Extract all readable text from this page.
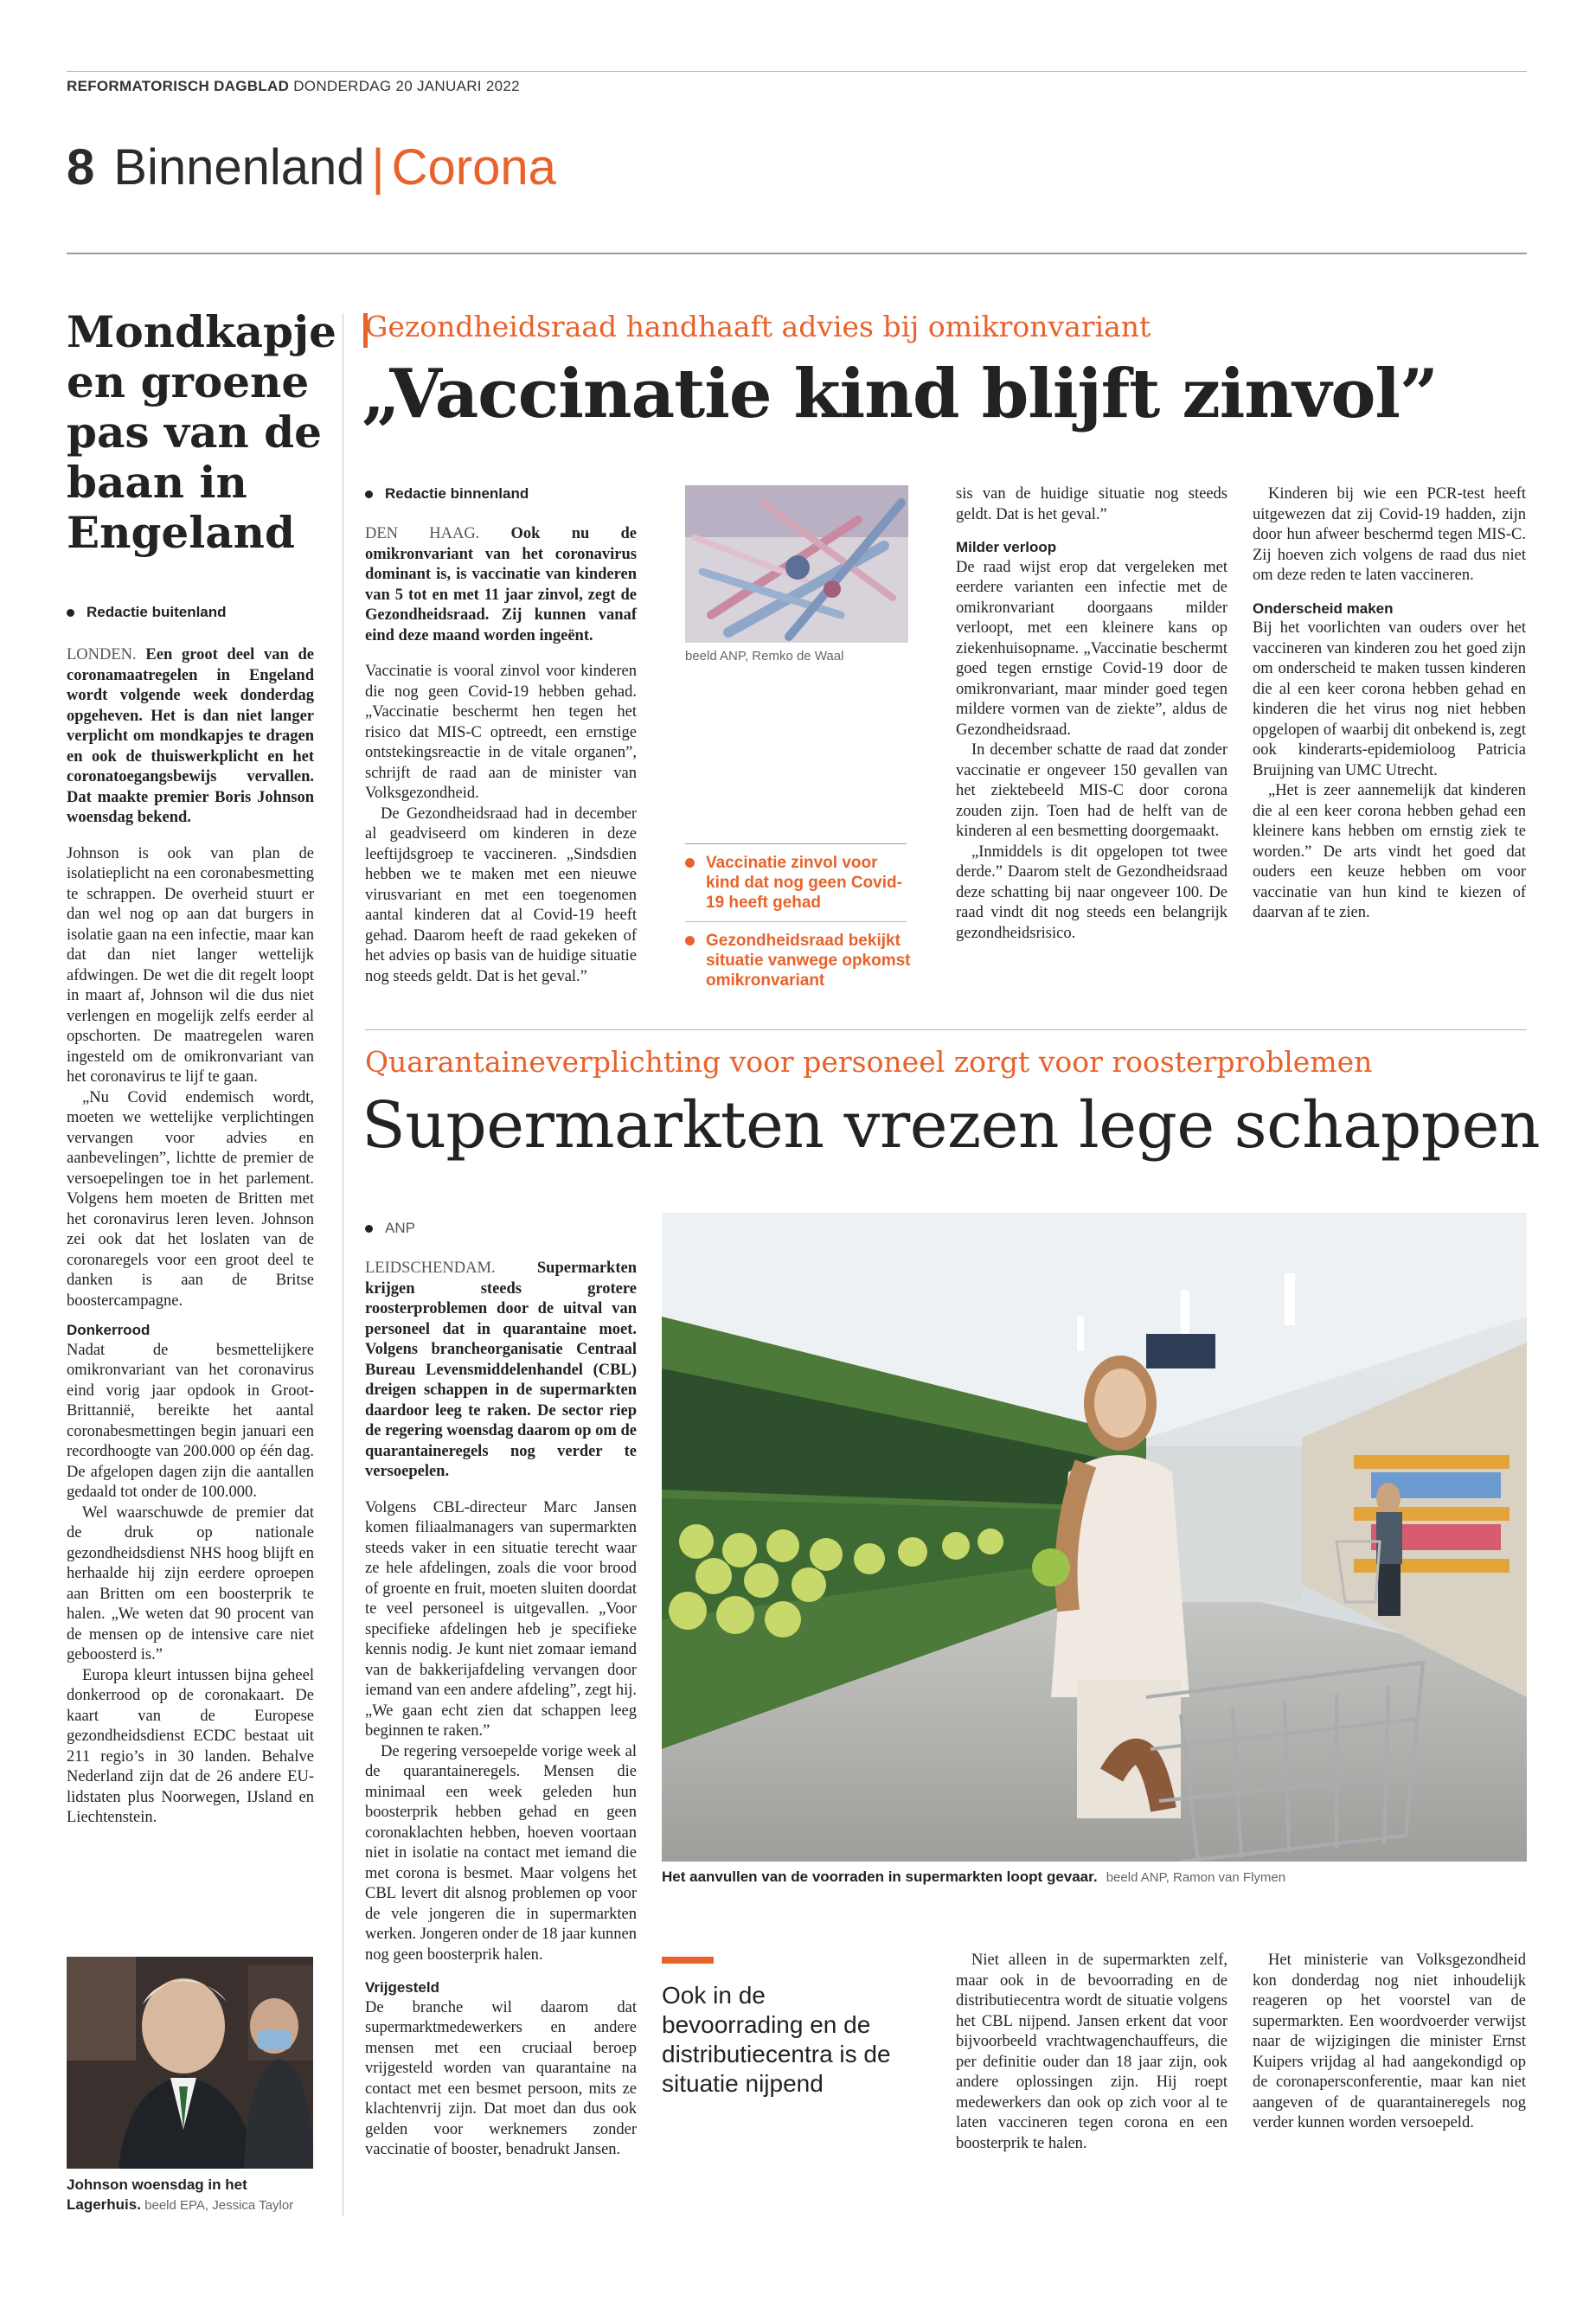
REFORMATORISCH DAGBLAD DONDERDAG 20 JANUARI 2022
8 Binnenland | Corona
Mondkapje en groene pas van de baan in Engeland
Redactie buitenland

LONDEN. Een groot deel van de coronamaatregelen in Engeland wordt volgende week donderdag opgeheven. Het is dan niet langer verplicht om mondkapjes te dragen en ook de thuiswerkplicht en het coronatoegangsbewijs vervallen. Dat maakte premier Boris Johnson woensdag bekend.

Johnson is ook van plan de isolatieplicht na een coronabesmetting te schrappen. De overheid stuurt er dan wel nog op aan dat burgers in isolatie gaan na een infectie, maar kan dat dan niet langer wettelijk afdwingen. De wet die dit regelt loopt in maart af, Johnson wil die dus niet verlengen en mogelijk zelfs eerder al opschorten. De maatregelen waren ingesteld om de omikronvariant van het coronavirus te lijf te gaan.

„Nu Covid endemisch wordt, moeten we wettelijke verplichtingen vervangen voor advies en aanbevelingen”, lichtte de premier de versoepelingen toe in het parlement. Volgens hem moeten de Britten met het coronavirus leren leven. Johnson zei ook dat het loslaten van de coronaregels voor een groot deel te danken is aan de Britse boostercampagne.

Donkerrood

Nadat de besmettelijkere omikronvariant van het coronavirus eind vorig jaar opdook in Groot-Brittannië, bereikte het aantal coronabesmettingen begin januari een recordhoogte van 200.000 op één dag. De afgelopen dagen zijn die aantallen gedaald tot onder de 100.000.

Wel waarschuwde de premier dat de druk op nationale gezondheidsdienst NHS hoog blijft en herhaalde hij zijn eerdere oproepen aan Britten om een boosterprik te halen. „We weten dat 90 procent van de mensen op de intensive care niet geboosterd is.”

Europa kleurt intussen bijna geheel donkerrood op de coronakaart. De kaart van de Europese gezondheidsdienst ECDC bestaat uit 211 regio’s in 30 landen. Behalve Nederland zijn dat de 26 andere EU-lidstaten plus Noorwegen, IJsland en Liechtenstein.

Johnson woensdag in het Lagerhuis. beeld EPA, Jessica Taylor
Gezondheidsraad handhaaft advies bij omikronvariant
„Vaccinatie kind blijft zinvol”
Redactie binnenland

DEN HAAG. Ook nu de omikronvariant van het coronavirus dominant is, is vaccinatie van kinderen van 5 tot en met 11 jaar zinvol, zegt de Gezondheidsraad. Zij kunnen vanaf eind deze maand worden ingeënt.

Vaccinatie is vooral zinvol voor kinderen die nog geen Covid-19 hebben gehad. „Vaccinatie beschermt hen tegen het risico dat MIS-C optreedt, een ernstige ontstekingsreactie in de vitale organen”, schrijft de raad aan de minister van Volksgezondheid.

De Gezondheidsraad had in december al geadviseerd om kinderen in deze leeftijdsgroep te vaccineren. „Sindsdien hebben we te maken met een nieuwe virusvariant en met een toegenomen aantal kinderen dat al Covid-19 heeft gehad. Daarom heeft de raad gekeken of het advies op basis van de huidige situatie nog steeds geldt. Dat is het geval.”

beeld ANP, Remko de Waal
Vaccinatie zinvol voor kind dat nog geen Covid-19 heeft gehad
Gezondheidsraad bekijkt situatie vanwege opkomst omikronvariant

sis van de huidige situatie nog steeds geldt. Dat is het geval.”

Milder verloop

De raad wijst erop dat vergeleken met eerdere varianten een infectie met de omikronvariant doorgaans milder verloopt, met een kleinere kans op ziekenhuisopname. „Vaccinatie beschermt goed tegen ernstige Covid-19 door de omikronvariant, maar minder goed tegen mildere vormen van de ziekte”, aldus de Gezondheidsraad.

In december schatte de raad dat zonder vaccinatie er ongeveer 150 gevallen van het ziektebeeld MIS-C door corona zouden zijn. Toen had de helft van de kinderen al een besmetting doorgemaakt.

„Inmiddels is dit opgelopen tot twee derde.” Daarom stelt de Gezondheidsraad deze schatting bij naar ongeveer 100. De raad vindt dit nog steeds een belangrijk gezondheidsrisico.

Kinderen bij wie een PCR-test heeft uitgewezen dat zij Covid-19 hadden, zijn door hun afweer beschermd tegen MIS-C. Zij hoeven zich volgens de raad dus niet om deze reden te laten vaccineren.

Onderscheid maken

Bij het voorlichten van ouders over het vaccineren van kinderen zou het goed zijn om onderscheid te maken tussen kinderen die al een keer corona hebben gehad en kinderen die het virus nog niet hebben opgelopen of waarbij dit onbekend is, zegt ook kinderarts-epidemioloog Patricia Bruijning van UMC Utrecht.

„Het is zeer aannemelijk dat kinderen die al een keer corona hebben gehad een kleinere kans hebben om ernstig ziek te worden.” De arts vindt het goed dat ouders een keuze hebben om voor vaccinatie van hun kind te kiezen of daarvan af te zien.

Quarantaineverplichting voor personeel zorgt voor roosterproblemen
Supermarkten vrezen lege schappen
ANP

LEIDSCHENDAM.	Supermarkten krijgen steeds grotere roosterproblemen door de uitval van personeel dat in quarantaine moet. Volgens brancheorganisatie Centraal Bureau Levensmiddelenhandel (CBL) dreigen schappen in de supermarkten daardoor leeg te raken. De sector riep de regering woensdag daarom op om de quarantaineregels nog verder te versoepelen.

Volgens CBL-directeur Marc Jansen komen filiaalmanagers van supermarkten steeds vaker in een situatie terecht waar ze hele afdelingen, zoals die voor brood of groente en fruit, moeten sluiten doordat te veel personeel is uitgevallen. „Voor specifieke afdelingen heb je specifieke kennis nodig. Je kunt niet zomaar iemand van de bakkerijafdeling vervangen door iemand van een andere afdeling”, zegt hij. „We gaan echt zien dat schappen leeg beginnen te raken.”

De regering versoepelde vorige week al de quarantaineregels. Mensen die minimaal een week geleden hun boosterprik hebben gehad en geen coronaklachten hebben, hoeven voortaan niet in isolatie na contact met iemand die met corona is besmet. Maar volgens het CBL levert dit alsnog problemen op voor de vele jongeren die in supermarkten werken. Jongeren onder de 18 jaar kunnen nog geen boosterprik halen.

Vrijgesteld

De branche wil daarom dat supermarktmedewerkers en andere mensen met een cruciaal beroep vrijgesteld worden van quarantaine na contact met een besmet persoon, mits ze klachtenvrij zijn. Dat moet dan dus ook gelden voor werknemers zonder vaccinatie of booster, benadrukt Jansen.

Het aanvullen van de voorraden in supermarkten loopt gevaar. beeld ANP, Ramon van Flymen
Ook in de bevoorrading en de distributiecentra is de situatie nijpend

Niet alleen in de supermarkten zelf, maar ook in de bevoorrading en de distributiecentra wordt de situatie volgens het CBL nijpend. Jansen erkent dat voor bijvoorbeeld vrachtwagenchauffeurs, die per definitie ouder dan 18 jaar zijn, ook andere oplossingen zijn. Hij roept medewerkers dan ook op zich voor al te laten vaccineren tegen corona en een boosterprik te halen.

Het ministerie van Volksgezondheid kon donderdag nog niet inhoudelijk reageren op het voorstel van de supermarkten. Een woordvoerder verwijst naar de wijzigingen die minister Ernst Kuipers vrijdag al had aangekondigd op de coronapersconferentie, maar kan niet aangeven of de quarantaineregels nog verder kunnen worden versoepeld.
